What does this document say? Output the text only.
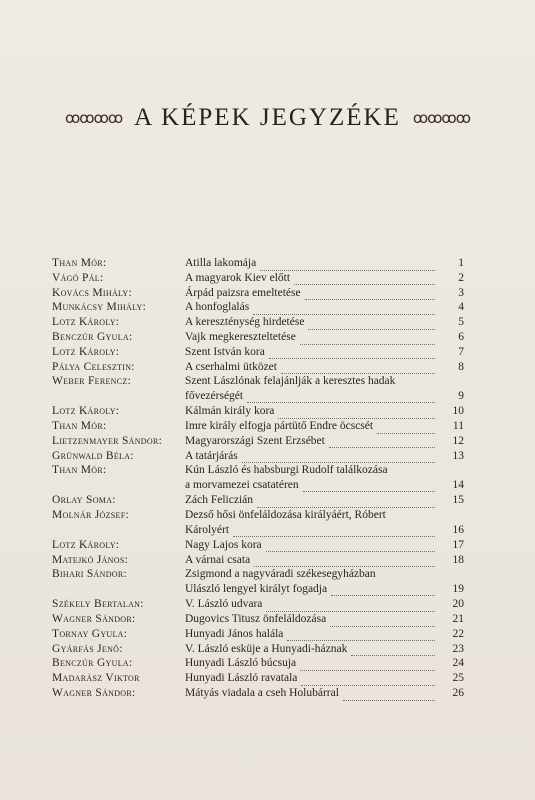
ꝏꝏꝏꝏ A KÉPEK JEGYZÉKE ꝏꝏꝏꝏ
Than Mór:	Atilla lakomája	1
Vágó Pál:	A magyarok Kiev előtt	2
Kovács Mihály:	Árpád paizsra emeltetése	3
Munkácsy Mihály:	A honfoglalás	4
Lotz Károly:	A kereszténység hirdetése	5
Benczúr Gyula:	Vajk megkereszteltetése	6
Lotz Károly:	Szent István kora	7
Pálya Celesztin:	A cserhalmi ütközet	8
Weber Ferencz:	Szent Lászlónak felajánlják a keresztes hadak
fővezérségét	9
Lotz Károly:	Kálmán király kora	10
Than Mór:	Imre király elfogja pártütő Endre öcscsét	11
Lietzenmayer Sándor:	Magyarországi Szent Erzsébet	12
Grünwald Béla:	A tatárjárás	13
Than Mór:	Kún László és habsburgi Rudolf találkozása
a morvamezei csatatéren	14
Orlay Soma:	Zách Feliczián	15
Molnár József:	Dezső hősi önfeláldozása királyáért, Róbert
Károlyért	16
Lotz Károly:	Nagy Lajos kora	17
Matejkó János:	A várnai csata	18
Bihari Sándor:	Zsigmond a nagyváradi székesegyházban
Ulászló lengyel királyt fogadja	19
Székely Bertalan:	V. László udvara	20
Wagner Sándor:	Dugovics Titusz önfeláldozása	21
Tornay Gyula:	Hunyadi János halála	22
Gyárfás Jenő:	V. László esküje a Hunyadi-háznak	23
Benczúr Gyula:	Hunyadi László búcsuja	24
Madarász Viktor	Hunyadi László ravatala	25
Wagner Sándor:	Mátyás viadala a cseh Holubárral	26
